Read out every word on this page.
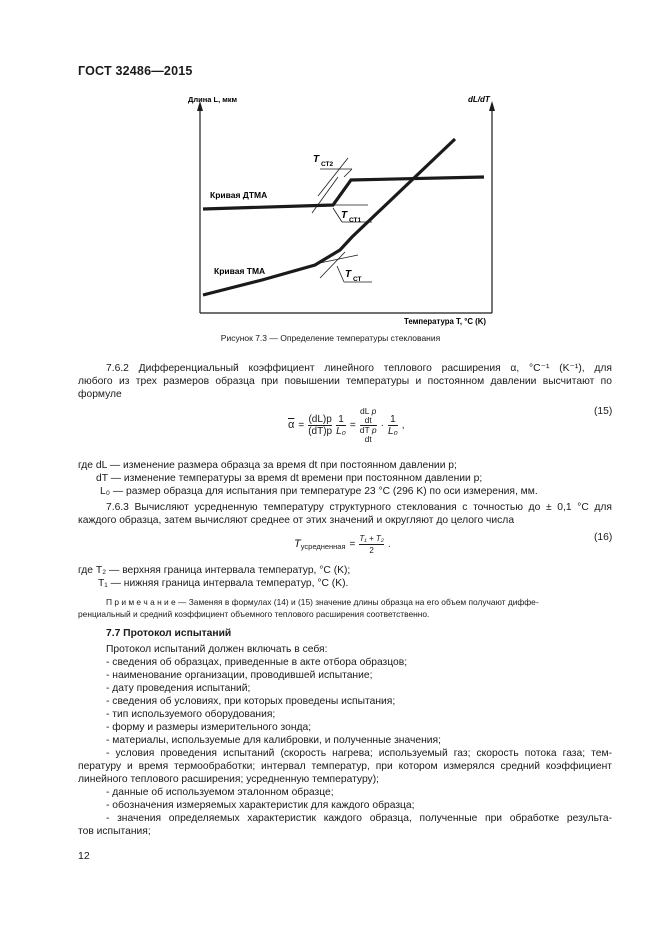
ГОСТ 32486—2015
Длина L, мкм	dL/dT
Кривая ДТМА
Кривая ТМА
Температура T, °C (K)
T СТ2
T СТ1
T СТ
Рисунок 7.3 — Определение температуры стеклования
7.6.2 Дифференциальный коэффициент линейного теплового расширения α, °C⁻¹ (K⁻¹), для
любого из трех размеров образца при повышении температуры и постоянном давлении высчитают по
формуле
$\overline{\alpha} = \frac{(dL)p}{(dT)p} \frac{1}{\text{L₀}}$ =
dL p
dt
dT p
dt
· $\frac{1}{\text{L₀}}$ ,
(15)
где dL — изменение размера образца за время dt при постоянном давлении p;
dT — изменение температуры за время dt времени при постоянном давлении p;
L₀ — размер образца для испытания при температуре 23 °C (296 K) по оси измерения, мм.
7.6.3 Вычисляют усредненную температуру структурного стеклования с точностью до ± 0,1 °C для
каждого образца, затем вычисляют среднее от этих значений и округляют до целого числа
$T_{усредненная} = \frac{\text{T₁ + T₂}}{2}$ .
(16)
где T₂ — верхняя граница интервала температур, °C (K);
T₁ — нижняя граница интервала температур, °C (K).
П р и м е ч а н и е — Заменяя в формулах (14) и (15) значение длины образца на его объем получают диффе-
ренциальный и средний коэффициент объемного теплового расширения соответственно.
7.7 Протокол испытаний
Протокол испытаний должен включать в себя:
- сведения об образцах, приведенные в акте отбора образцов;
- наименование организации, проводившей испытание;
- дату проведения испытаний;
- сведения об условиях, при которых проведены испытания;
- тип используемого оборудования;
- форму и размеры измерительного зонда;
- материалы, используемые для калибровки, и полученные значения;
- условия проведения испытаний (скорость нагрева; используемый газ; скорость потока газа; тем-
пературу и время термообработки; интервал температур, при котором измерялся средний коэффициент
линейного теплового расширения; усредненную температуру);
- данные об используемом эталонном образце;
- обозначения измеряемых характеристик для каждого образца;
- значения определяемых характеристик каждого образца, полученные при обработке результа-
тов испытания;
12
